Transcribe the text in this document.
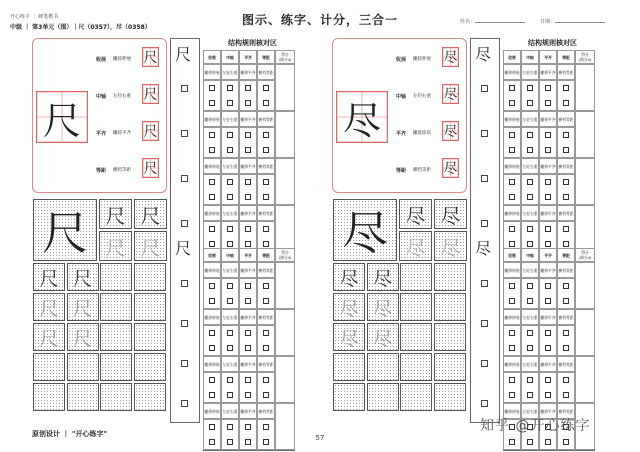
开心练字 ｜ 硬笔楷书
中级 ｜ 第3单元（围）｜尺（0357），尽（0358）
图示、练字、计分，三合一	姓名：	日期：
尺
收展 撇捺伸展 尺
中轴 左轻右重 尺
平齐 撇捺平齐 尺
等距 横档等距 尺
尺 尺 尺
尺 尺
尺 尺
尺 尺
尺 尺
尺
尺
结构规则核对区
收展	中轴	平齐	等距	得分
(满分4)
撇捺伸展 左轻右重 撇捺平齐 横档等距
撇捺伸展 左轻右重 撇捺平齐 横档等距
撇捺伸展 左轻右重 撇捺平齐 横档等距
撇捺伸展 左轻右重 撇捺平齐 横档等距
收展	中轴	平齐	等距	得分
(满分4)
撇捺伸展 左轻右重 撇捺平齐 横档等距
撇捺伸展 左轻右重 撇捺平齐 横档等距
撇捺伸展 左轻右重 撇捺平齐 横档等距
撇捺伸展 左轻右重 撇捺平齐 横档等距
尽
收展 撇捺伸展 尽
中轴 左轻右重 尽
平齐 撇低捺高 尽
等距 横档等距 尽
尽 尽 尽
尽 尽
尽 尽
尽 尽
尽 尽
尽
尽
结构规则核对区
收展	中轴	平齐	等距	得分
(满分4)
撇捺伸展 左轻右重 撇捺平齐 横档等距
撇捺伸展 左轻右重 撇捺平齐 横档等距
撇捺伸展 左轻右重 撇捺平齐 横档等距
撇捺伸展 左轻右重 撇捺平齐 横档等距
收展	中轴	平齐	等距	得分
(满分4)
撇捺伸展 左轻右重 撇捺平齐 横档等距
撇捺伸展 左轻右重 撇捺平齐 横档等距
撇捺伸展 左轻右重 撇捺平齐 横档等距
撇捺伸展 左轻右重 撇捺平齐 横档等距
原创设计 ｜ "开心练字"	57
知乎 @开心练字
